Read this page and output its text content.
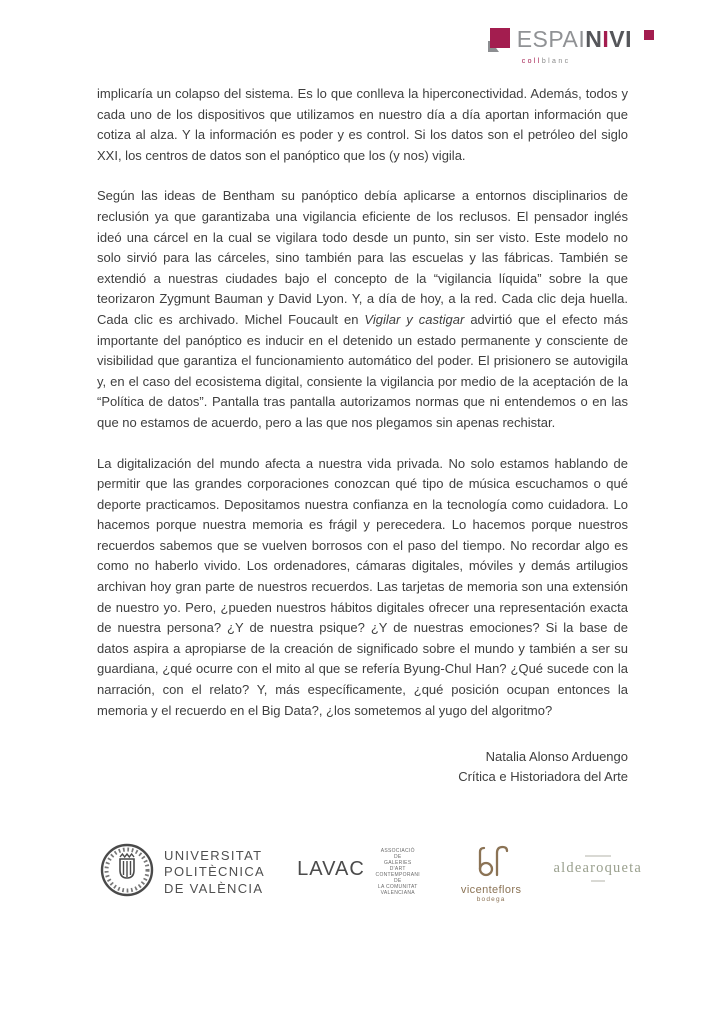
ESPAINIVI
collblanc

implicaría un colapso del sistema. Es lo que conlleva la hiperconectividad. Además, todos y cada uno de los dispositivos que utilizamos en nuestro día a día aportan información que cotiza al alza. Y la información es poder y es control. Si los datos son el petróleo del siglo XXI, los centros de datos son el panóptico que los (y nos) vigila.

Según las ideas de Bentham su panóptico debía aplicarse a entornos disciplinarios de reclusión ya que garantizaba una vigilancia eficiente de los reclusos. El pensador inglés ideó una cárcel en la cual se vigilara todo desde un punto, sin ser visto. Este modelo no solo sirvió para las cárceles, sino también para las escuelas y las fábricas. También se extendió a nuestras ciudades bajo el concepto de la “vigilancia líquida” sobre la que teorizaron Zygmunt Bauman y David Lyon. Y, a día de hoy, a la red. Cada clic deja huella. Cada clic es archivado. Michel Foucault en Vigilar y castigar advirtió que el efecto más importante del panóptico es inducir en el detenido un estado permanente y consciente de visibilidad que garantiza el funcionamiento automático del poder. El prisionero se autovigila y, en el caso del ecosistema digital, consiente la vigilancia por medio de la aceptación de la “Política de datos”. Pantalla tras pantalla autorizamos normas que ni entendemos o en las que no estamos de acuerdo, pero a las que nos plegamos sin apenas rechistar.

La digitalización del mundo afecta a nuestra vida privada. No solo estamos hablando de permitir que las grandes corporaciones conozcan qué tipo de música escuchamos o qué deporte practicamos. Depositamos nuestra confianza en la tecnología como cuidadora. Lo hacemos porque nuestra memoria es frágil y perecedera. Lo hacemos porque nuestros recuerdos sabemos que se vuelven borrosos con el paso del tiempo. No recordar algo es como no haberlo vivido. Los ordenadores, cámaras digitales, móviles y demás artilugios archivan hoy gran parte de nuestros recuerdos. Las tarjetas de memoria son una extensión de nuestro yo. Pero, ¿pueden nuestros hábitos digitales ofrecer una representación exacta de nuestra persona? ¿Y de nuestra psique? ¿Y de nuestras emociones? Si la base de datos aspira a apropiarse de la creación de significado sobre el mundo y también a ser su guardiana, ¿qué ocurre con el mito al que se refería Byung-Chul Han? ¿Qué sucede con la narración, con el relato? Y, más específicamente, ¿qué posición ocupan entonces la memoria y el recuerdo en el Big Data?, ¿los sometemos al yugo del algoritmo?

Natalia Alonso Arduengo
Crítica e Historiadora del Arte
UNIVERSITAT
POLITÈCNICA
DE VALÈNCIA
LAVAC
ASSOCIACIÓ
DE
GALERIES
D'ART
CONTEMPORANI
DE
LA COMUNITAT
VALENCIANA	vicenteflors
bodega
aldearoqueta
